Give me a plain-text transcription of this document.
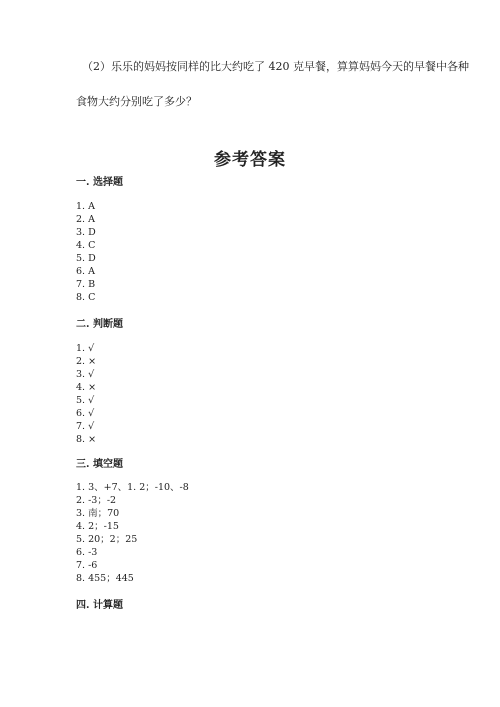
（2）乐乐的妈妈按同样的比大约吃了 420 克早餐，算算妈妈今天的早餐中各种
食物大约分别吃了多少？
参考答案
一. 选择题
1. A
2. A
3. D
4. C
5. D
6. A
7. B
8. C
二. 判断题
1. √
2. ×
3. √
4. ×
5. √
6. √
7. √
8. ×
三. 填空题
1. 3、+7、1. 2；-10、-8
2. -3；-2
3. 南；70
4. 2；-15
5. 20；2；25
6. -3
7. -6
8. 455；445
四. 计算题
